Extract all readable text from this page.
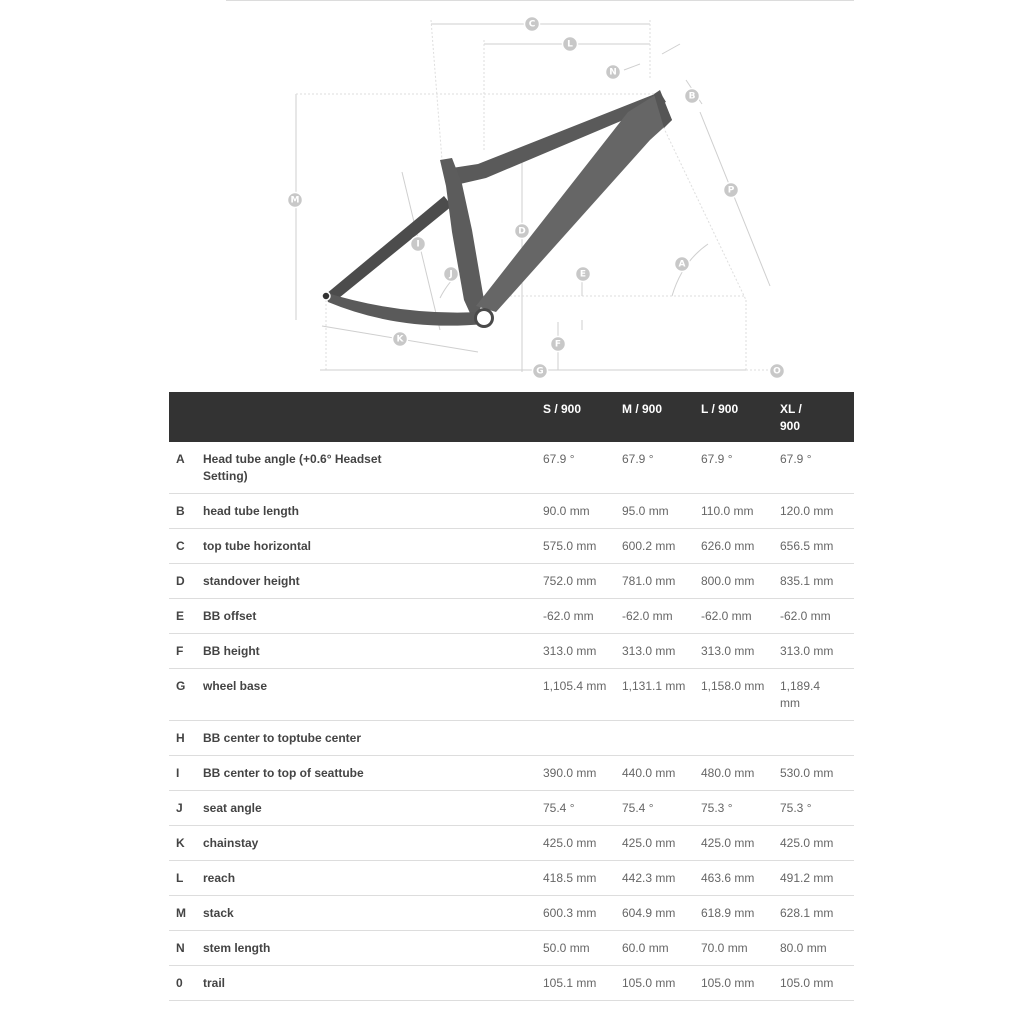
C
L
N
B
P
M
D
I
J	E
A
K	F
G	O
		S / 900	M / 900	L / 900	XL / 900
A	Head tube angle (+0.6° Headset Setting)	67.9 °	67.9 °	67.9 °	67.9 °
B	head tube length	90.0 mm	95.0 mm	110.0 mm	120.0 mm
C	top tube horizontal	575.0 mm	600.2 mm	626.0 mm	656.5 mm
D	standover height	752.0 mm	781.0 mm	800.0 mm	835.1 mm
E	BB offset	-62.0 mm	-62.0 mm	-62.0 mm	-62.0 mm
F	BB height	313.0 mm	313.0 mm	313.0 mm	313.0 mm
G	wheel base	1,105.4 mm	1,131.1 mm	1,158.0 mm	1,189.4 mm
H	BB center to toptube center				
I	BB center to top of seattube	390.0 mm	440.0 mm	480.0 mm	530.0 mm
J	seat angle	75.4 °	75.4 °	75.3 °	75.3 °
K	chainstay	425.0 mm	425.0 mm	425.0 mm	425.0 mm
L	reach	418.5 mm	442.3 mm	463.6 mm	491.2 mm
M	stack	600.3 mm	604.9 mm	618.9 mm	628.1 mm
N	stem length	50.0 mm	60.0 mm	70.0 mm	80.0 mm
0	trail	105.1 mm	105.0 mm	105.0 mm	105.0 mm
